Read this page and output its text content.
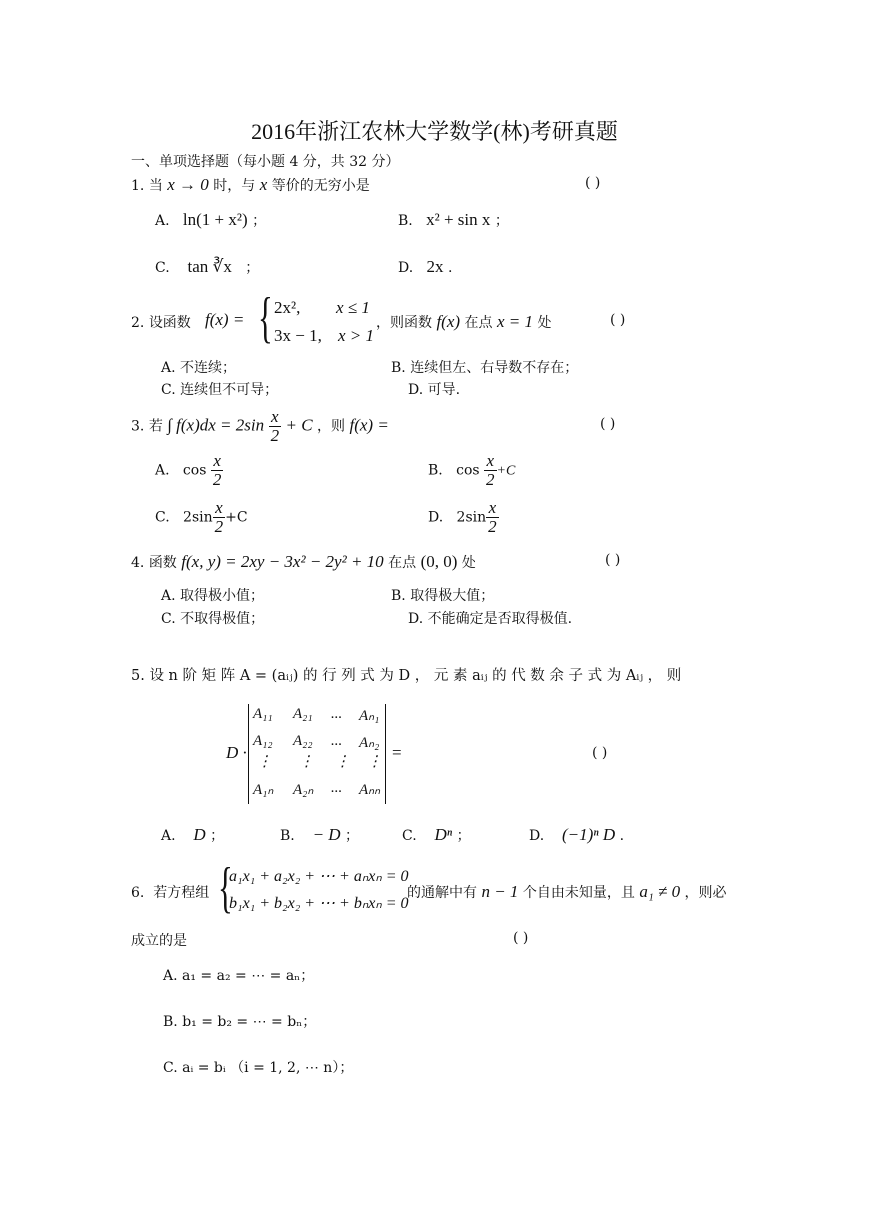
2016年浙江农林大学数学(林)考研真题
一、单项选择题（每小题 4 分，共 32 分）
1. 当 x → 0 时，与 x 等价的无穷小是	( )
A. ln(1 + x²) ；	B. x² + sin x ；
C. tan ∛x ；	D. 2x .
2. 设函数 f(x) = { 2x², x ≤ 1
3x − 1, x > 1
，则函数 f(x) 在点 x = 1 处	( )
A. 不连续；	B. 连续但左、右导数不存在；
C. 连续但不可导；	D. 可导.
3. 若 ∫ $f(x)dx = 2\sin \frac{x}{2} + C$ ，则 f(x) =	( )
A. $\cos \frac{x}{2}$	B. $\cos \frac{x}{2} +C$
C. $2\sin \frac{x}{2} +C$	D. $2\sin \frac{x}{2}$
4. 函数 f(x, y) = 2xy − 3x² − 2y² + 10 在点 (0, 0) 处	( )
A. 取得极小值；	B. 取得极大值；
C. 不取得极值；	D. 不能确定是否取得极值.
5. 设 n 阶 矩 阵 A = (aᵢⱼ) 的 行 列 式 为 D ， 元 素 aᵢⱼ 的 代 数 余 子 式 为 Aᵢⱼ ， 则
D ·
A₁₁ A₂₁ ... Aₙ₁
A₁₂ A₂₂ ... Aₙ₂
⋮ ⋮ ⋮ ⋮
A₁ₙ A₂ₙ ... Aₙₙ
=	( )
A. D ；	B. − D ；	C. Dⁿ ；	D. (−1)ⁿ D .
6. 若方程组 {
a₁x₁ + a₂x₂ + ⋯ + aₙxₙ = 0
b₁x₁ + b₂x₂ + ⋯ + bₙxₙ = 0
的通解中有 n − 1 个自由未知量，且 a₁ ≠ 0 ，则必
成立的是	( )
A. a₁ = a₂ = ⋯ = aₙ；
B. b₁ = b₂ = ⋯ = bₙ；
C. aᵢ = bᵢ （i = 1, 2, ⋯ n）；
